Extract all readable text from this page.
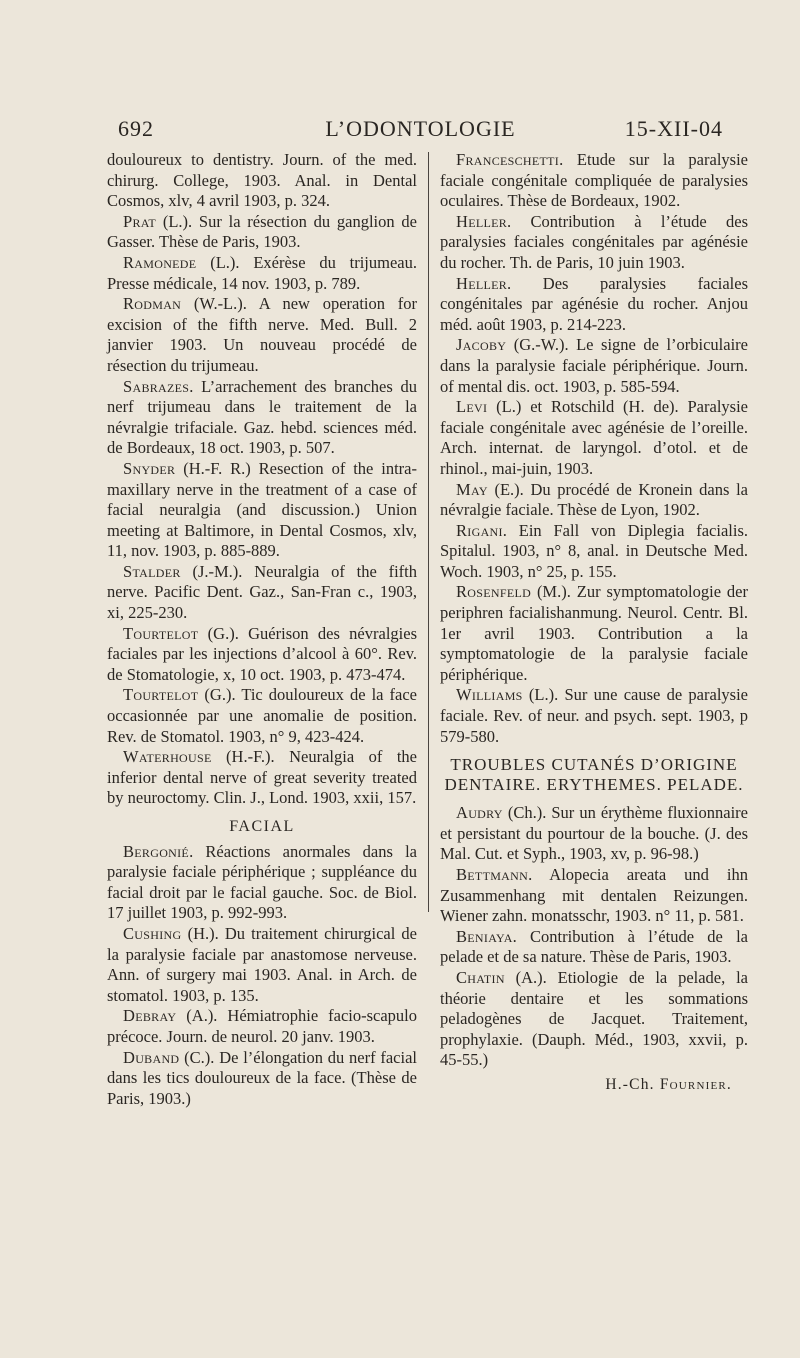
692	L’ODONTOLOGIE	15-XII-04

douloureux to dentistry. Journ. of the med. chirurg. College, 1903. Anal. in Dental Cosmos, xlv, 4 avril 1903, p. 324.

Prat (L.). Sur la résection du ganglion de Gasser. Thèse de Paris, 1903.

Ramonede (L.). Exérèse du trijumeau. Presse médicale, 14 nov. 1903, p. 789.

Rodman (W.-L.). A new operation for excision of the fifth nerve. Med. Bull. 2 janvier 1903. Un nouveau procédé de résection du trijumeau.

Sabrazes. L’arrachement des branches du nerf trijumeau dans le traitement de la névralgie trifaciale. Gaz. hebd. sciences méd. de Bordeaux, 18 oct. 1903, p. 507.

Snyder (H.-F. R.) Resection of the intra-maxillary nerve in the treatment of a case of facial neuralgia (and discussion.) Union meeting at Baltimore, in Dental Cosmos, xlv, 11, nov. 1903, p. 885-889.

Stalder (J.-M.). Neuralgia of the fifth nerve. Pacific Dent. Gaz., San-Fran c., 1903, xi, 225-230.

Tourtelot (G.). Guérison des névralgies faciales par les injections d’alcool à 60°. Rev. de Stomatologie, x, 10 oct. 1903, p. 473-474.

Tourtelot (G.). Tic douloureux de la face occasionnée par une anomalie de position. Rev. de Stomatol. 1903, n° 9, 423-424.

Waterhouse (H.-F.). Neuralgia of the inferior dental nerve of great severity treated by neuroctomy. Clin. J., Lond. 1903, xxii, 157.

FACIAL

Bergonié. Réactions anormales dans la paralysie faciale périphérique ; suppléance du facial droit par le facial gauche. Soc. de Biol. 17 juillet 1903, p. 992-993.

Cushing (H.). Du traitement chirurgical de la paralysie faciale par anastomose nerveuse. Ann. of surgery mai 1903. Anal. in Arch. de stomatol. 1903, p. 135.

Debray (A.). Hémiatrophie facio-scapulo précoce. Journ. de neurol. 20 janv. 1903.

Duband (C.). De l’élongation du nerf facial dans les tics douloureux de la face. (Thèse de Paris, 1903.)

Franceschetti. Etude sur la paralysie faciale congénitale compliquée de paralysies oculaires. Thèse de Bordeaux, 1902.

Heller. Contribution à l’étude des paralysies faciales congénitales par agénésie du rocher. Th. de Paris, 10 juin 1903.

Heller. Des paralysies faciales congénitales par agénésie du rocher. Anjou méd. août 1903, p. 214-223.

Jacoby (G.-W.). Le signe de l’orbiculaire dans la paralysie faciale périphérique. Journ. of mental dis. oct. 1903, p. 585-594.

Levi (L.) et Rotschild (H. de). Paralysie faciale congénitale avec agénésie de l’oreille. Arch. internat. de laryngol. d’otol. et de rhinol., mai-juin, 1903.

May (E.). Du procédé de Kronein dans la névralgie faciale. Thèse de Lyon, 1902.

Rigani. Ein Fall von Diplegia facialis. Spitalul. 1903, n° 8, anal. in Deutsche Med. Woch. 1903, n° 25, p. 155.

Rosenfeld (M.). Zur symptomatologie der periphren facialishanmung. Neurol. Centr. Bl. 1er avril 1903. Contribution a la symptomatologie de la paralysie faciale périphérique.

Williams (L.). Sur une cause de paralysie faciale. Rev. of neur. and psych. sept. 1903, p 579-580.

TROUBLES CUTANÉS D’ORIGINE DENTAIRE. ERYTHEMES. PELADE.

Audry (Ch.). Sur un érythème fluxionnaire et persistant du pourtour de la bouche. (J. des Mal. Cut. et Syph., 1903, xv, p. 96-98.)

Bettmann. Alopecia areata und ihn Zusammenhang mit dentalen Reizungen. Wiener zahn. monatsschr, 1903. n° 11, p. 581.

Beniaya. Contribution à l’étude de la pelade et de sa nature. Thèse de Paris, 1903.

Chatin (A.). Etiologie de la pelade, la théorie dentaire et les sommations peladogènes de Jacquet. Traitement, prophylaxie. (Dauph. Méd., 1903, xxvii, p. 45-55.)

H.-Ch. Fournier.
